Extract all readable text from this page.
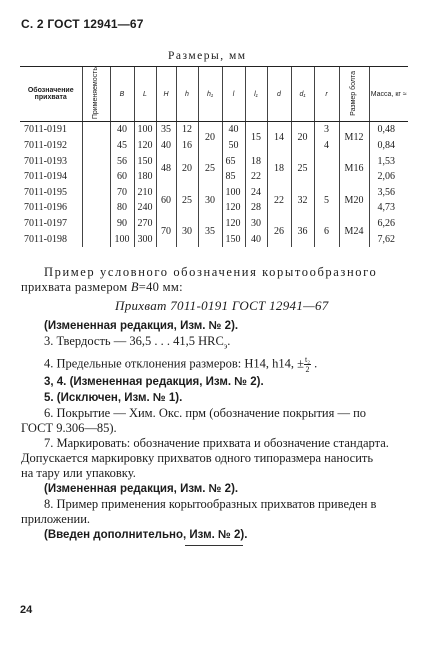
С. 2 ГОСТ 12941—67
Размеры, мм
Обозначение прихвата	Применяемость	B	L	H	h	h₁	l	l₁	d	d₁	r	Размер болта	Масса, кг ≈
7011-0191		40	100	35	12	20	40	15	14	20	3	M12	0,48
7011-0192		45	120	40	16		50				4		0,84
7011-0193		56	150	48	20	25	65	18	18	25		M16	1,53
7011-0194		60	180				85	22					2,06
7011-0195		70	210	60	25	30	100	24	22	32	5	M20	3,56
7011-0196		80	240				120	28					4,73
7011-0197		90	270	70	30	35	120	30	26	36	6	M24	6,26
7011-0198		100	300				150	40					7,62
Пример условного обозначения корытообразного
прихвата размером B=40 мм:
Прихват 7011-0191 ГОСТ 12941—67
(Измененная редакция, Изм. № 2).
3. Твердость — 36,5 . . . 41,5 $HRC_э$.
4. Предельные отклонения размеров: H14, h14, ± $\frac{\text{t₂}}{2}$ .
3, 4. (Измененная редакция, Изм. № 2).
5. (Исключен, Изм. № 1).
6. Покрытие — Хим. Окс. прм (обозначение покрытия — по
ГОСТ 9.306—85).
7. Маркировать: обозначение прихвата и обозначение стандарта.
Допускается маркировку прихватов одного типоразмера наносить
на тару или упаковку.
(Измененная редакция, Изм. № 2).
8. Пример применения корытообразных прихватов приведен в
приложении.
(Введен дополнительно, Изм. № 2).
24
